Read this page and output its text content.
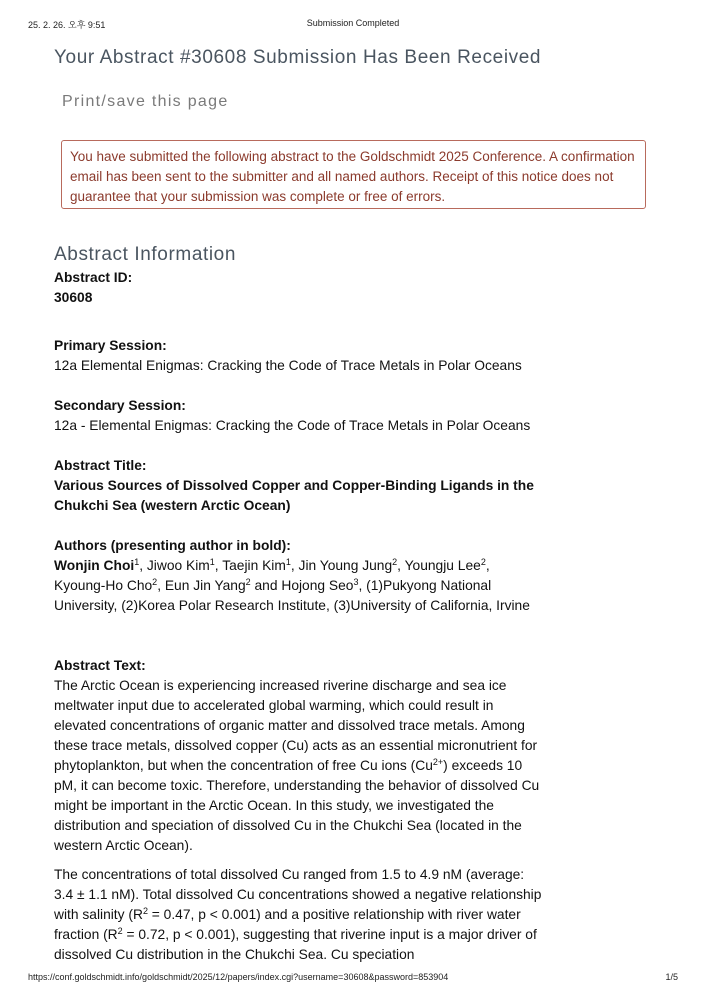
25. 2. 26. 오후 9:51	Submission Completed
Your Abstract #30608 Submission Has Been Received
Print/save this page
You have submitted the following abstract to the Goldschmidt 2025 Conference. A confirmation email has been sent to the submitter and all named authors. Receipt of this notice does not guarantee that your submission was complete or free of errors.
Abstract Information
Abstract ID:
30608
Primary Session:
12a Elemental Enigmas: Cracking the Code of Trace Metals in Polar Oceans
Secondary Session:
12a - Elemental Enigmas: Cracking the Code of Trace Metals in Polar Oceans
Abstract Title:
Various Sources of Dissolved Copper and Copper-Binding Ligands in the Chukchi Sea (western Arctic Ocean)
Authors (presenting author in bold):
Wonjin Choi$^1$, Jiwoo Kim$^1$, Taejin Kim$^1$, Jin Young Jung$^2$, Youngju Lee$^2$, Kyoung-Ho Cho$^2$, Eun Jin Yang$^2$ and Hojong Seo$^3$, (1)Pukyong National University, (2)Korea Polar Research Institute, (3)University of California, Irvine
Abstract Text:

The Arctic Ocean is experiencing increased riverine discharge and sea ice meltwater input due to accelerated global warming, which could result in elevated concentrations of organic matter and dissolved trace metals. Among these trace metals, dissolved copper (Cu) acts as an essential micronutrient for phytoplankton, but when the concentration of free Cu ions $(Cu^{2+})$ exceeds 10 pM, it can become toxic. Therefore, understanding the behavior of dissolved Cu might be important in the Arctic Ocean. In this study, we investigated the distribution and speciation of dissolved Cu in the Chukchi Sea (located in the western Arctic Ocean).

The concentrations of total dissolved Cu ranged from 1.5 to 4.9 nM (average: 3.4 ± 1.1 nM). Total dissolved Cu concentrations showed a negative relationship with salinity ($R^2 = 0.47$, p < 0.001) and a positive relationship with river water fraction ($R^2 = 0.72$, p < 0.001), suggesting that riverine input is a major driver of dissolved Cu distribution in the Chukchi Sea. Cu speciation

https://conf.goldschmidt.info/goldschmidt/2025/12/papers/index.cgi?username=30608&password=853904	1/5
